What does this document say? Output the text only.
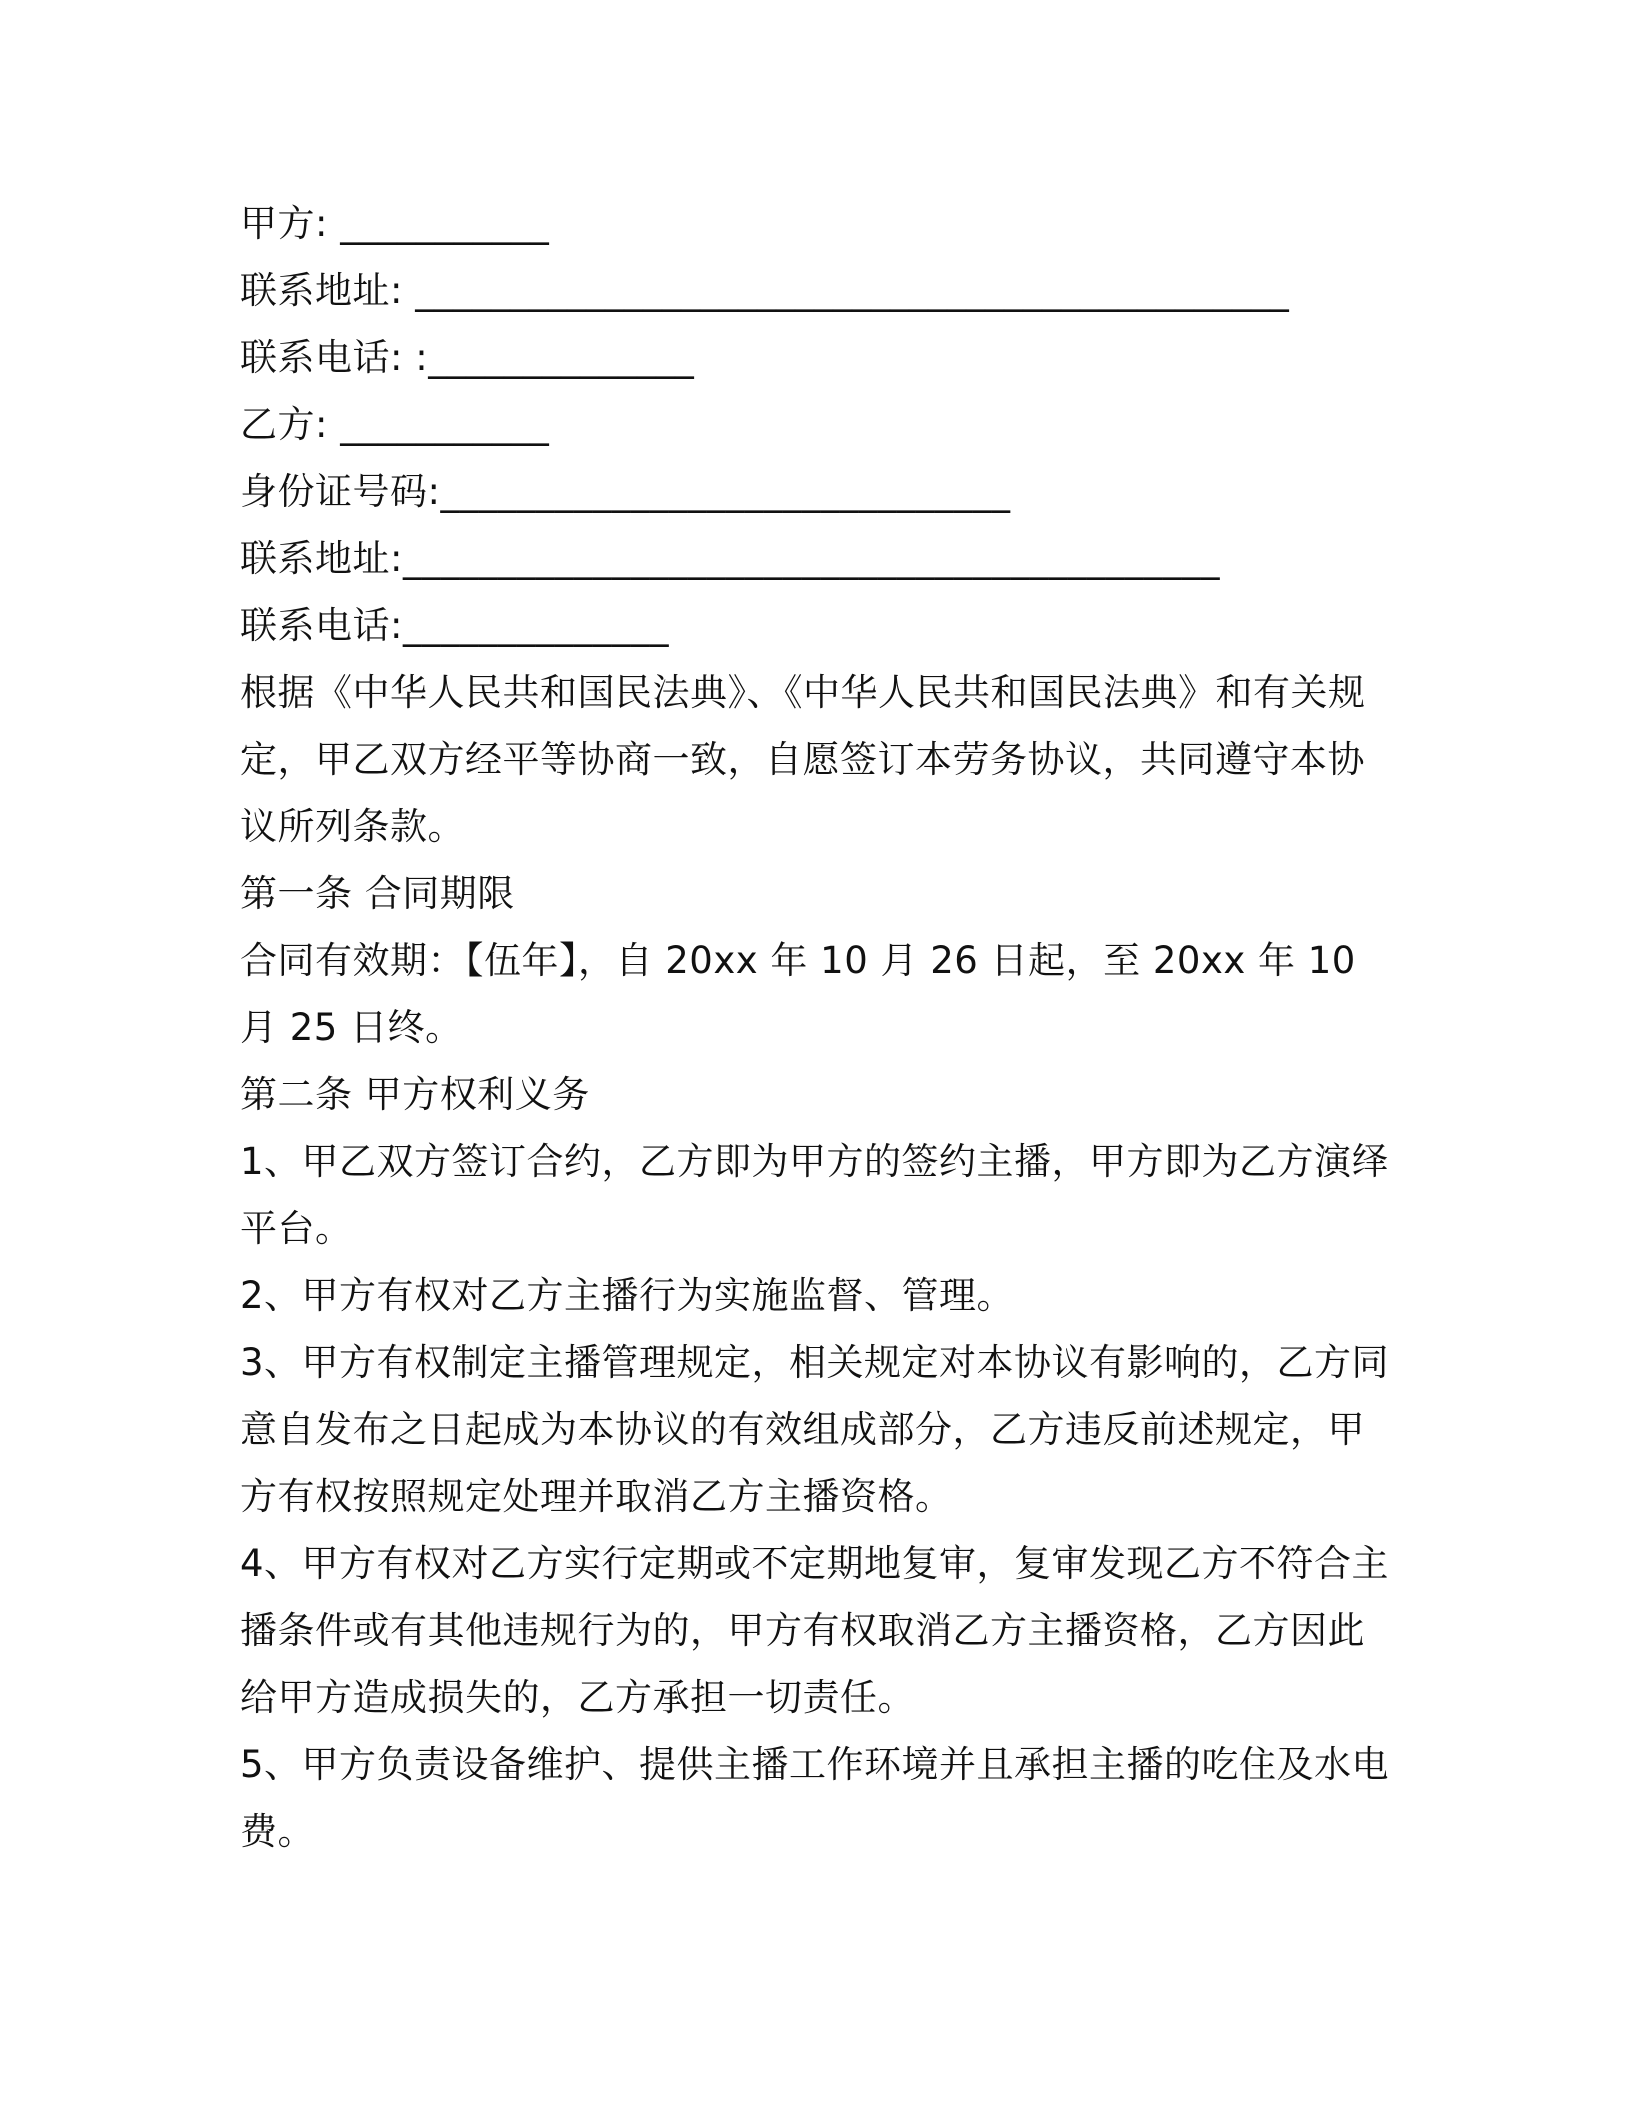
甲方: ___________

联系地址: ______________________________________________

联系电话: :______________

乙方: ___________

身份证号码:______________________________

联系地址:___________________________________________

联系电话:______________

根据《中华人民共和国民法典》、《中华人民共和国民法典》和有关规定，甲乙双方经平等协商一致，自愿签订本劳务协议，共同遵守本协议所列条款。

第一条 合同期限

合同有效期：【伍年】，自 20xx 年 10 月 26 日起，至 20xx 年 10 月 25 日终。

第二条 甲方权利义务

1、甲乙双方签订合约，乙方即为甲方的签约主播，甲方即为乙方演绎平台。

2、甲方有权对乙方主播行为实施监督、管理。

3、甲方有权制定主播管理规定，相关规定对本协议有影响的，乙方同意自发布之日起成为本协议的有效组成部分，乙方违反前述规定，甲方有权按照规定处理并取消乙方主播资格。

4、甲方有权对乙方实行定期或不定期地复审，复审发现乙方不符合主播条件或有其他违规行为的，甲方有权取消乙方主播资格，乙方因此给甲方造成损失的，乙方承担一切责任。

5、甲方负责设备维护、提供主播工作环境并且承担主播的吃住及水电费。
